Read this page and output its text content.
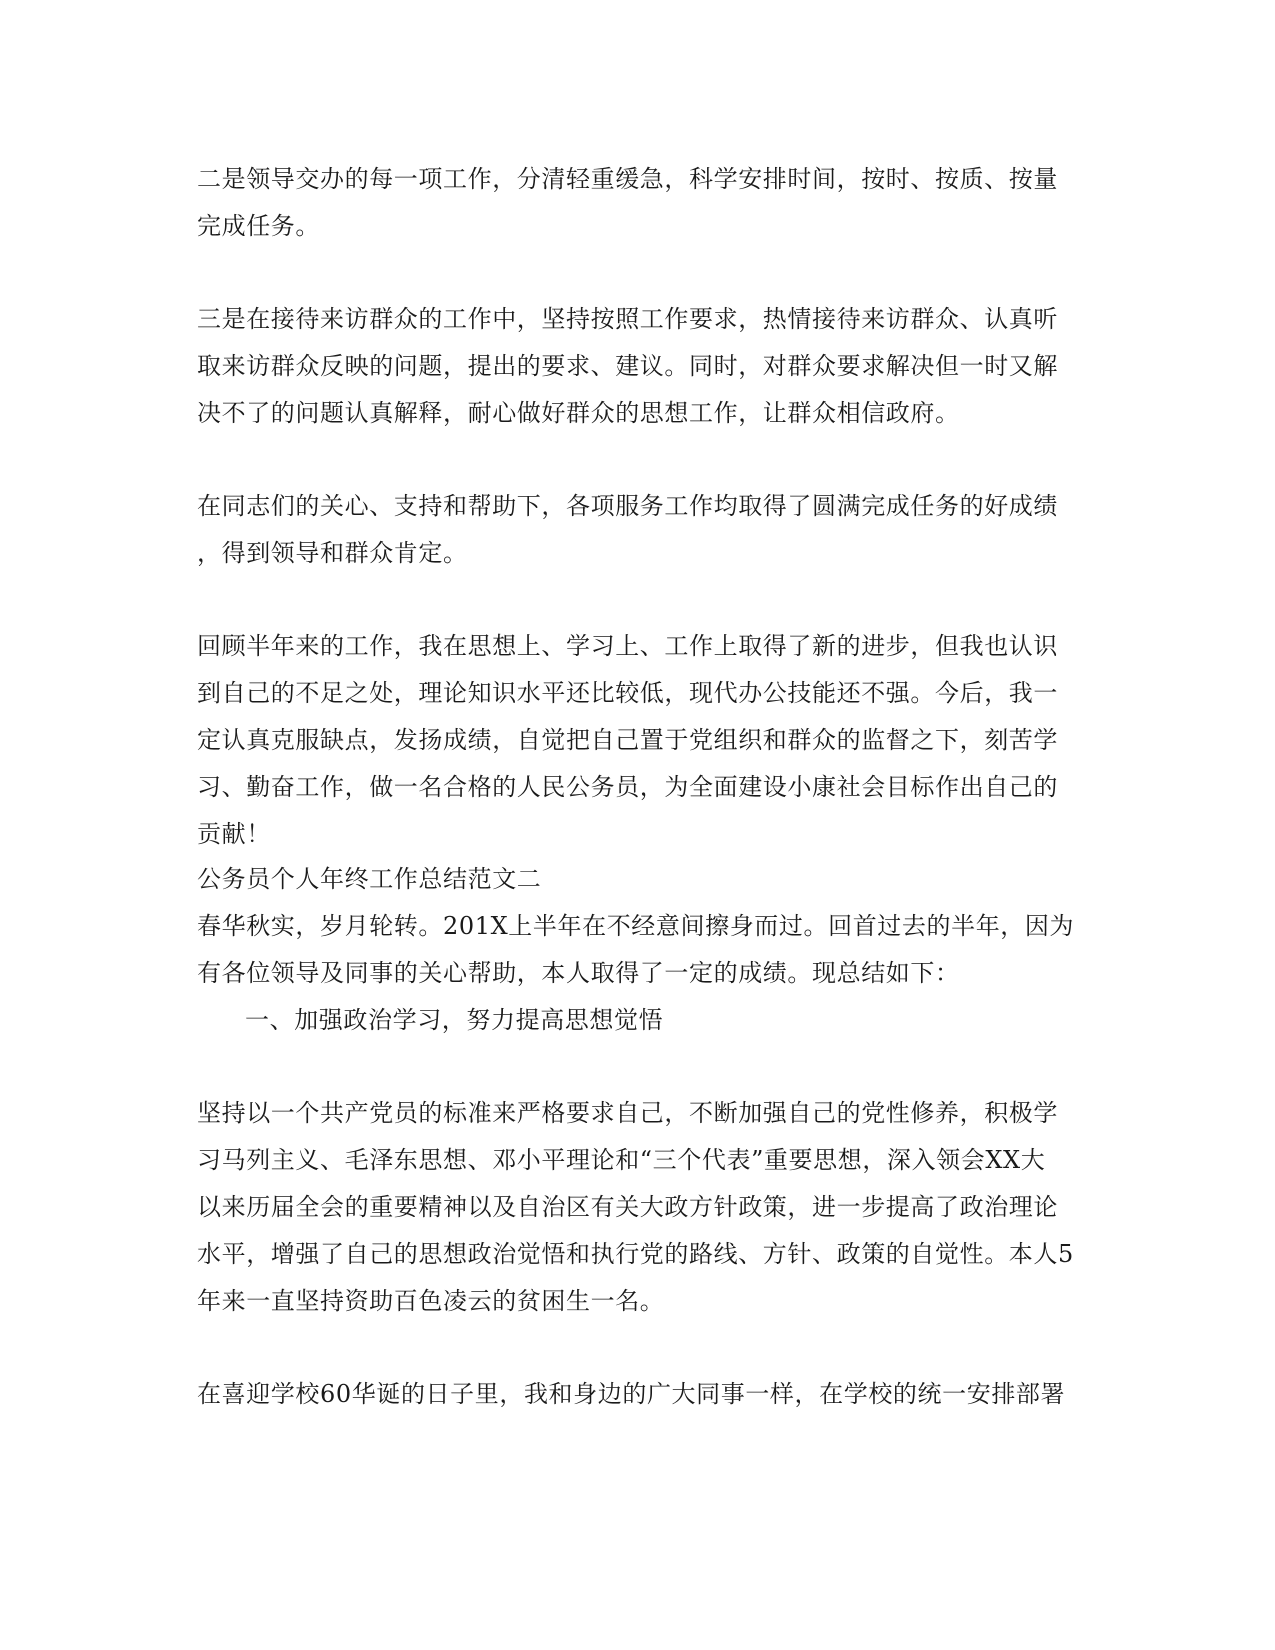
二是领导交办的每一项工作，分清轻重缓急，科学安排时间，按时、按质、按量

完成任务。

三是在接待来访群众的工作中，坚持按照工作要求，热情接待来访群众、认真听

取来访群众反映的问题，提出的要求、建议。同时，对群众要求解决但一时又解

决不了的问题认真解释，耐心做好群众的思想工作，让群众相信政府。

在同志们的关心、支持和帮助下，各项服务工作均取得了圆满完成任务的好成绩

，得到领导和群众肯定。

回顾半年来的工作，我在思想上、学习上、工作上取得了新的进步，但我也认识

到自己的不足之处，理论知识水平还比较低，现代办公技能还不强。今后，我一

定认真克服缺点，发扬成绩，自觉把自己置于党组织和群众的监督之下，刻苦学

习、勤奋工作，做一名合格的人民公务员，为全面建设小康社会目标作出自己的

贡献！

公务员个人年终工作总结范文二

春华秋实，岁月轮转。201X上半年在不经意间擦身而过。回首过去的半年，因为

有各位领导及同事的关心帮助，本人取得了一定的成绩。现总结如下：

一、加强政治学习，努力提高思想觉悟

坚持以一个共产党员的标准来严格要求自己，不断加强自己的党性修养，积极学

习马列主义、毛泽东思想、邓小平理论和“三个代表”重要思想，深入领会XX大

以来历届全会的重要精神以及自治区有关大政方针政策，进一步提高了政治理论

水平，增强了自己的思想政治觉悟和执行党的路线、方针、政策的自觉性。本人5

年来一直坚持资助百色凌云的贫困生一名。

在喜迎学校60华诞的日子里，我和身边的广大同事一样，在学校的统一安排部署
